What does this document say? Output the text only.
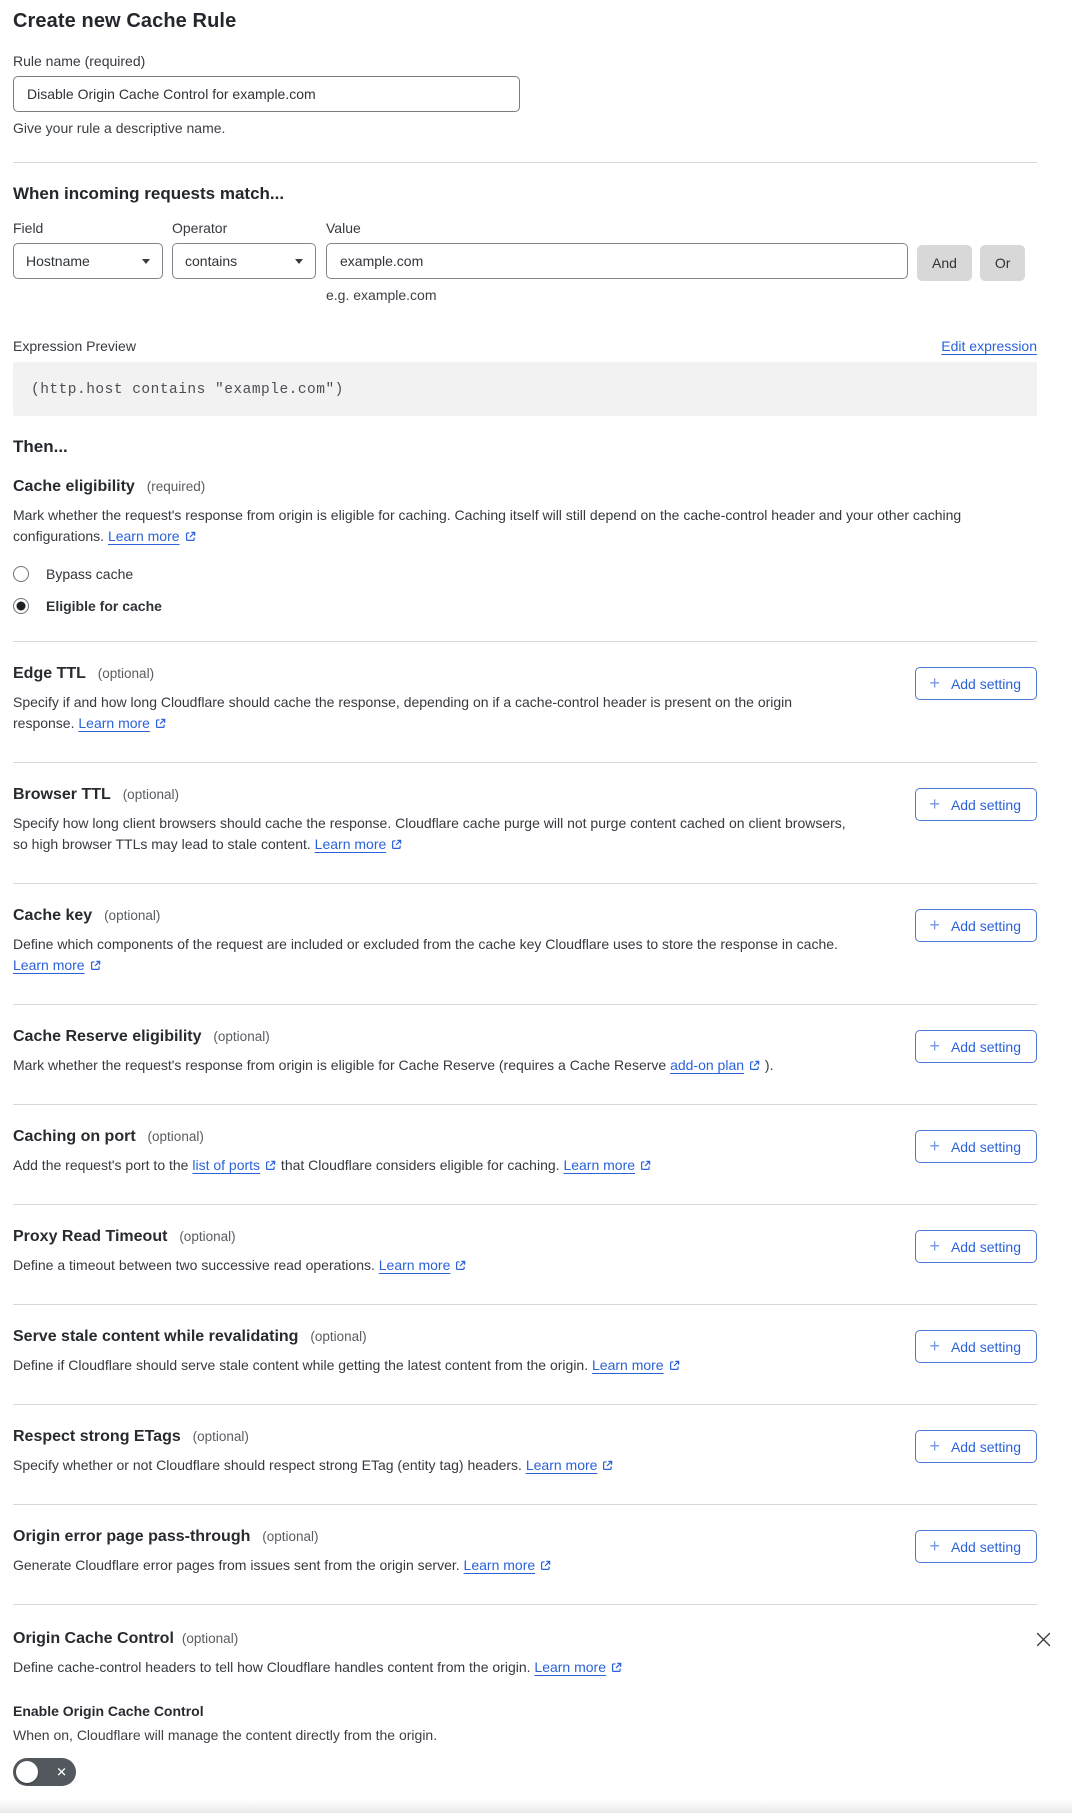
Create new Cache Rule
Rule name (required)
Disable Origin Cache Control for example.com
Give your rule a descriptive name.
When incoming requests match...
Field
Hostname
Operator
contains
Value
example.com
e.g. example.com
And	Or
Expression Preview	Edit expression
(http.host contains "example.com")
Then...
Cache eligibility (required)

Mark whether the request's response from origin is eligible for caching. Caching itself will still depend on the cache-control header and your other caching configurations. Learn more

Bypass cache
Eligible for cache
Edge TTL (optional)

Specify if and how long Cloudflare should cache the response, depending on if a cache-control header is present on the origin response. Learn more

+ Add setting
Browser TTL (optional)

Specify how long client browsers should cache the response. Cloudflare cache purge will not purge content cached on client browsers, so high browser TTLs may lead to stale content. Learn more

+ Add setting
Cache key (optional)

Define which components of the request are included or excluded from the cache key Cloudflare uses to store the response in cache. Learn more

+ Add setting
Cache Reserve eligibility (optional)

Mark whether the request's response from origin is eligible for Cache Reserve (requires a Cache Reserve add-on plan ).

+ Add setting
Caching on port (optional)

Add the request's port to the list of ports that Cloudflare considers eligible for caching. Learn more

+ Add setting
Proxy Read Timeout (optional)

Define a timeout between two successive read operations. Learn more

+ Add setting
Serve stale content while revalidating (optional)

Define if Cloudflare should serve stale content while getting the latest content from the origin. Learn more

+ Add setting
Respect strong ETags (optional)

Specify whether or not Cloudflare should respect strong ETag (entity tag) headers. Learn more

+ Add setting
Origin error page pass-through (optional)

Generate Cloudflare error pages from issues sent from the origin server. Learn more

+ Add setting
Origin Cache Control (optional)

Define cache-control headers to tell how Cloudflare handles content from the origin. Learn more

Enable Origin Cache Control
When on, Cloudflare will manage the content directly from the origin.
✕
